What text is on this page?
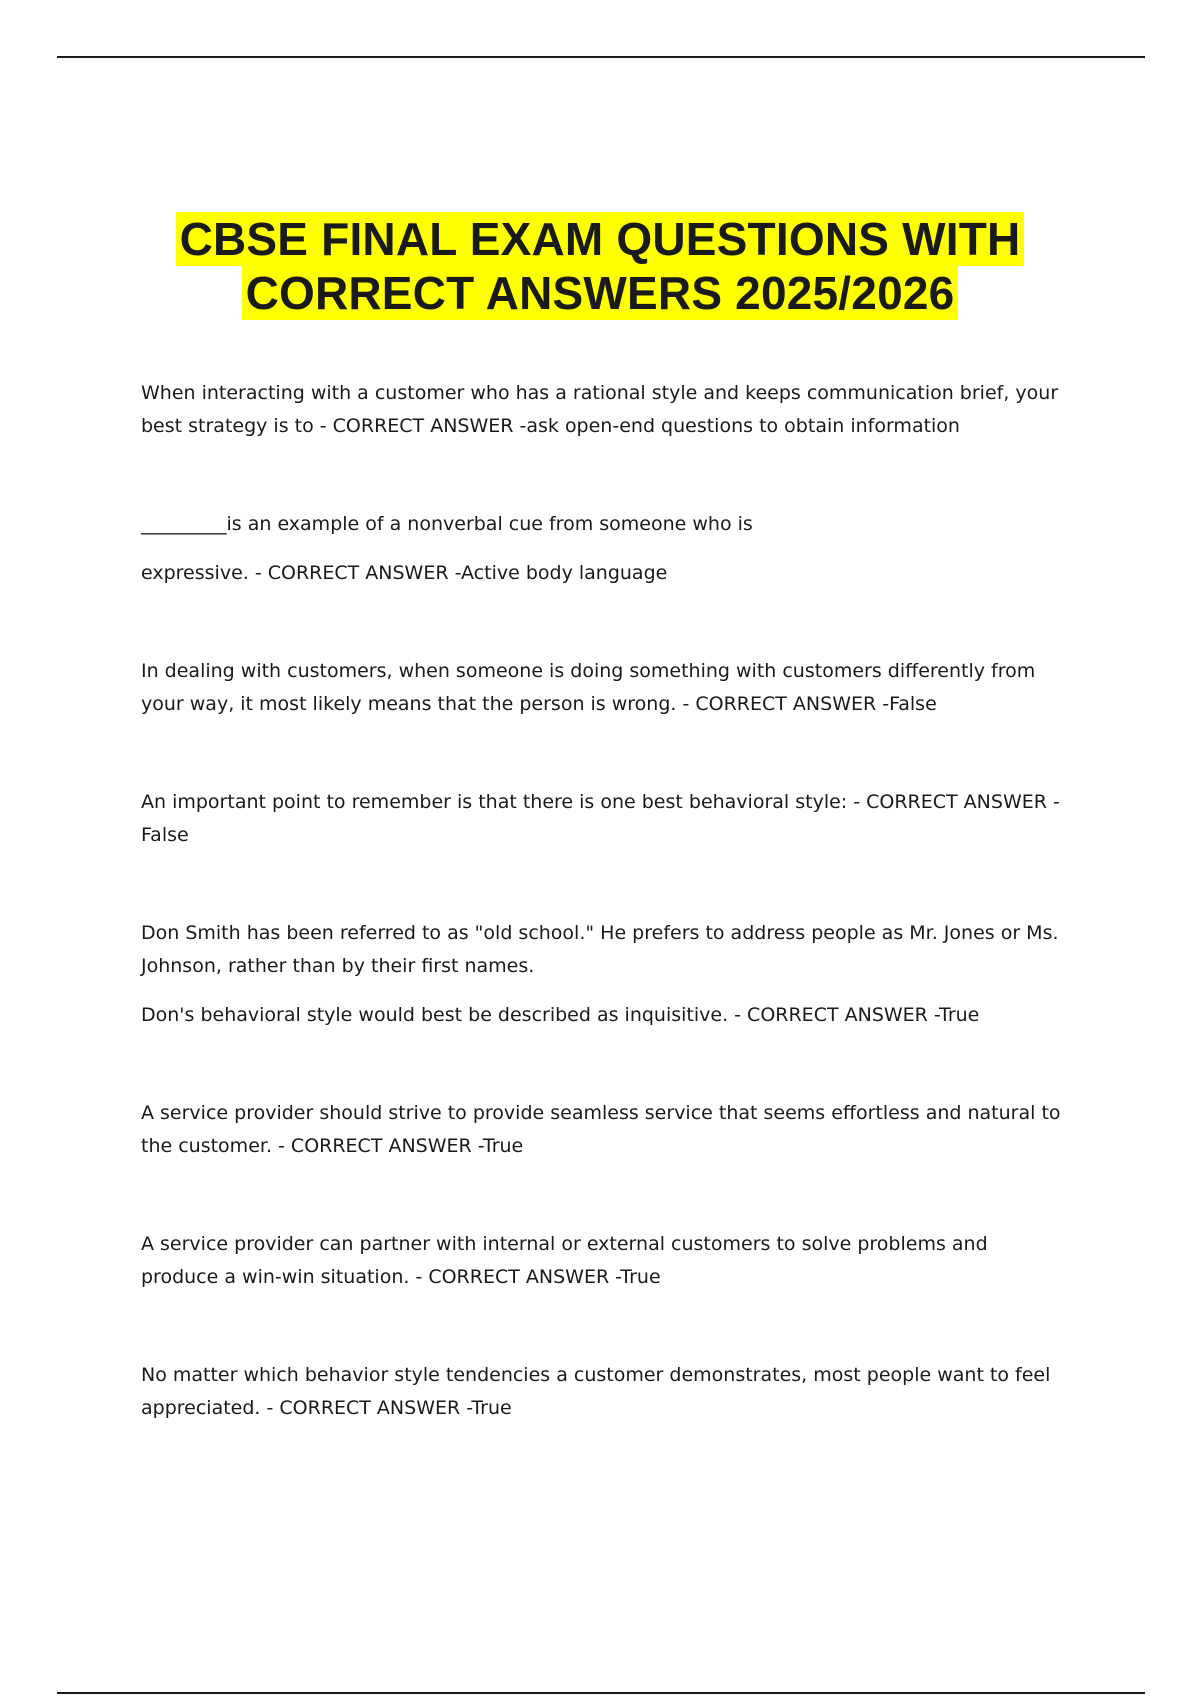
CBSE FINAL EXAM QUESTIONS WITH
CORRECT ANSWERS 2025/2026

When interacting with a customer who has a rational style and keeps communication brief, your best strategy is to - CORRECT ANSWER -ask open-end questions to obtain information

_________is an example of a nonverbal cue from someone who is

expressive. - CORRECT ANSWER -Active body language

In dealing with customers, when someone is doing something with customers differently from your way, it most likely means that the person is wrong. - CORRECT ANSWER -False

An important point to remember is that there is one best behavioral style: - CORRECT ANSWER - False

Don Smith has been referred to as "old school." He prefers to address people as Mr. Jones or Ms. Johnson, rather than by their first names.

Don's behavioral style would best be described as inquisitive. - CORRECT ANSWER -True

A service provider should strive to provide seamless service that seems effortless and natural to the customer. - CORRECT ANSWER -True

A service provider can partner with internal or external customers to solve problems and produce a win-win situation. - CORRECT ANSWER -True

No matter which behavior style tendencies a customer demonstrates, most people want to feel appreciated. - CORRECT ANSWER -True
